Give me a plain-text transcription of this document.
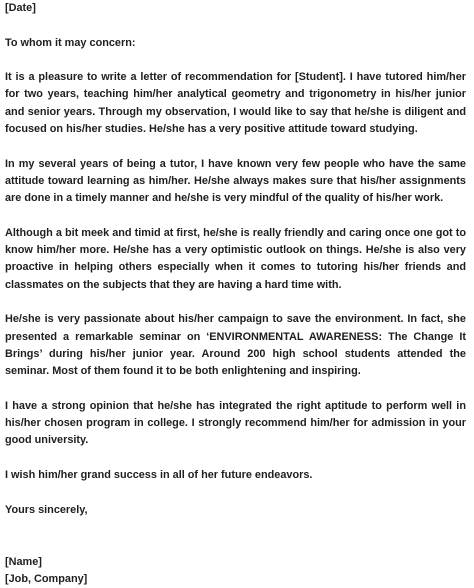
[Date]
To whom it may concern:

It is a pleasure to write a letter of recommendation for [Student]. I have tutored him/her for two years, teaching him/her analytical geometry and trigonometry in his/her junior and senior years. Through my observation, I would like to say that he/she is diligent and focused on his/her studies. He/she has a very positive attitude toward studying.

In my several years of being a tutor, I have known very few people who have the same attitude toward learning as him/her. He/she always makes sure that his/her assignments are done in a timely manner and he/she is very mindful of the quality of his/her work.

Although a bit meek and timid at first, he/she is really friendly and caring once one got to know him/her more. He/she has a very optimistic outlook on things. He/she is also very proactive in helping others especially when it comes to tutoring his/her friends and classmates on the subjects that they are having a hard time with.

He/she is very passionate about his/her campaign to save the environment. In fact, she presented a remarkable seminar on ‘ENVIRONMENTAL AWARENESS: The Change It Brings’ during his/her junior year. Around 200 high school students attended the seminar. Most of them found it to be both enlightening and inspiring.

I have a strong opinion that he/she has integrated the right aptitude to perform well in his/her chosen program in college. I strongly recommend him/her for admission in your good university.

I wish him/her grand success in all of her future endeavors.

Yours sincerely,
[Name]
[Job, Company]
